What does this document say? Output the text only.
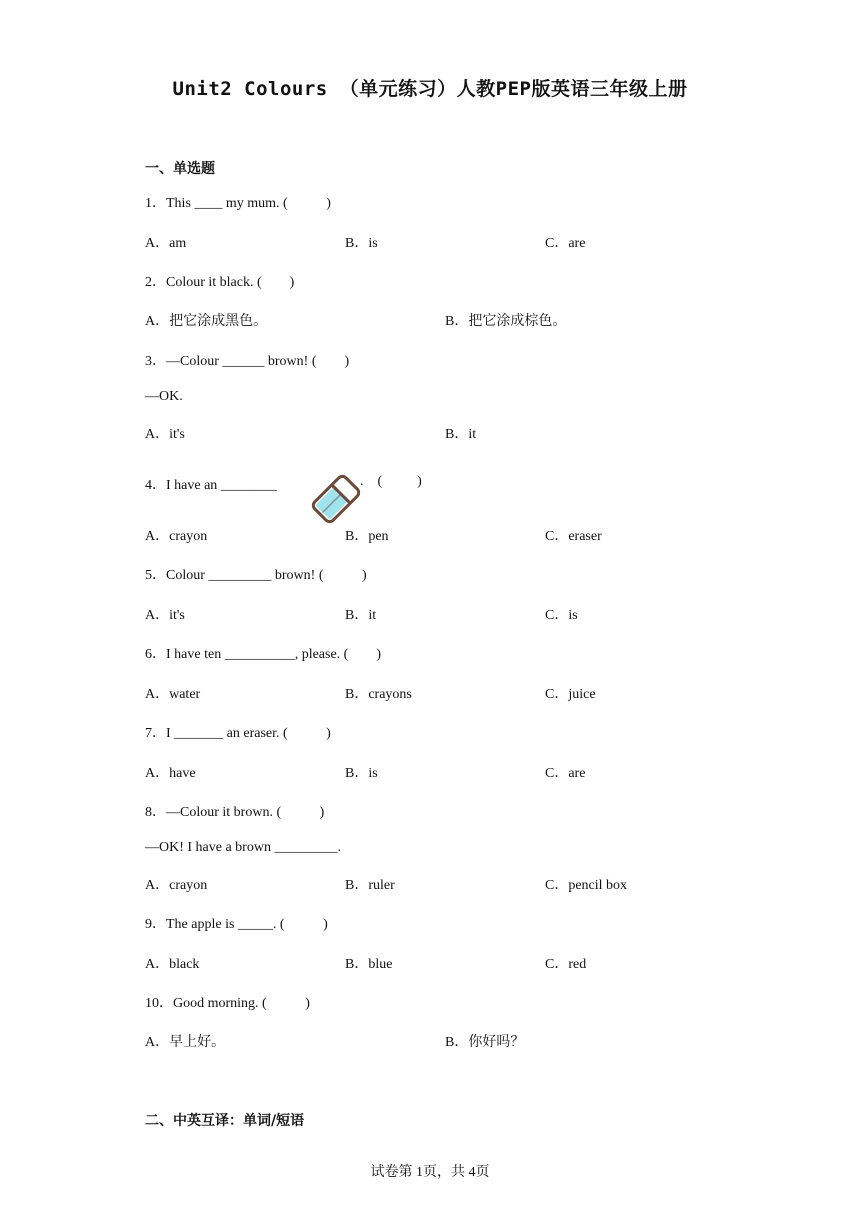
Unit2 Colours （单元练习）人教PEP版英语三年级上册
一、单选题
1．This ____ my mum. (           )
A．am	B．is	C．are
2．Colour it black. (        )
A．把它涂成黑色。	B．把它涂成棕色。
3．—Colour ______ brown! (        )
—OK.
A．it's	B．it
4．I have an ________

	.    (          )
A．crayon	B．pen	C．eraser
5．Colour _________ brown! (           )
A．it's	B．it	C．is
6．I have ten __________, please. (        )
A．water	B．crayons	C．juice
7．I _______ an eraser. (           )
A．have	B．is	C．are
8．—Colour it brown. (           )
—OK! I have a brown _________.
A．crayon	B．ruler	C．pencil box
9．The apple is _____. (           )
A．black	B．blue	C．red
10．Good morning. (           )
A．早上好。	B．你好吗？
二、中英互译：单词/短语
试卷第 1页，共 4页
